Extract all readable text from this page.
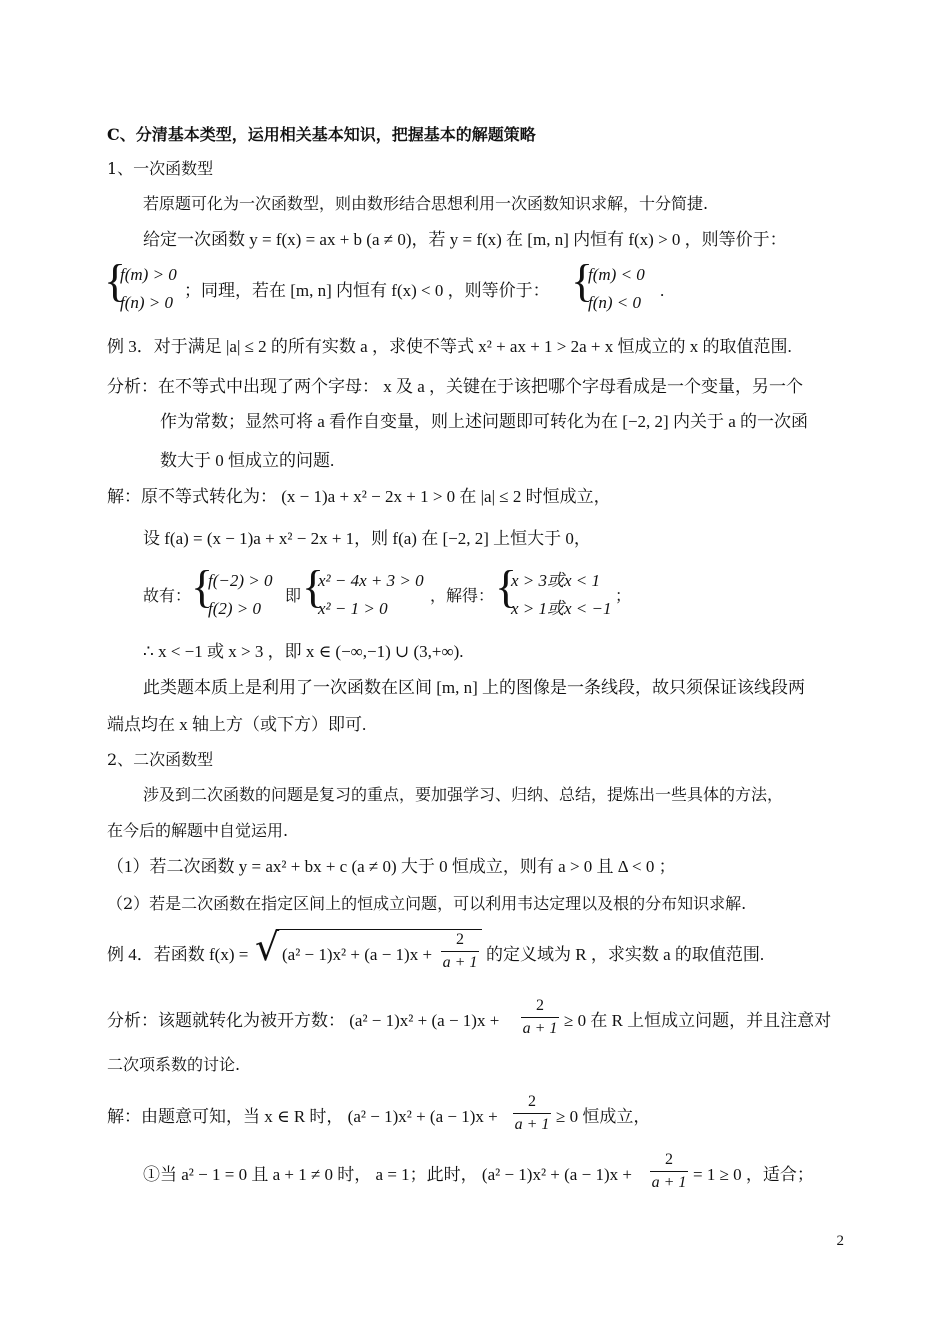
C、分清基本类型，运用相关基本知识，把握基本的解题策略
1、一次函数型
若原题可化为一次函数型，则由数形结合思想利用一次函数知识求解，十分简捷.
给定一次函数 y = f(x) = ax + b (a ≠ 0)，若 y = f(x) 在 [m, n] 内恒有 f(x) > 0 ，则等价于：
{
f(m) > 0
f(n) > 0
；同理，若在 [m, n] 内恒有 f(x) < 0 ，则等价于： {
f(m) < 0
f(n) < 0
.
例 3．对于满足 |a| ≤ 2 的所有实数 a ，求使不等式 x² + ax + 1 > 2a + x 恒成立的 x 的取值范围.
分析：在不等式中出现了两个字母： x 及 a ，关键在于该把哪个字母看成是一个变量，另一个
作为常数；显然可将 a 看作自变量，则上述问题即可转化为在 [−2, 2] 内关于 a 的一次函
数大于 0 恒成立的问题.
解：原不等式转化为： (x − 1)a + x² − 2x + 1 > 0 在 |a| ≤ 2 时恒成立，
设 f(a) = (x − 1)a + x² − 2x + 1，则 f(a) 在 [−2, 2] 上恒大于 0，
故有： {
f(−2) > 0
f(2) > 0
即 {
x² − 4x + 3 > 0
x² − 1 > 0
，解得： {
x > 3或x < 1
x > 1或x < −1
；
∴ x < −1 或 x > 3 ，即 x ∈ (−∞,−1) ∪ (3,+∞).
此类题本质上是利用了一次函数在区间 [m, n] 上的图像是一条线段，故只须保证该线段两
端点均在 x 轴上方（或下方）即可.
2、二次函数型
涉及到二次函数的问题是复习的重点，要加强学习、归纳、总结，提炼出一些具体的方法，
在今后的解题中自觉运用.
（1）若二次函数 y = ax² + bx + c (a ≠ 0) 大于 0 恒成立，则有 a > 0 且 Δ < 0 ；
（2）若是二次函数在指定区间上的恒成立问题，可以利用韦达定理以及根的分布知识求解.
例 4．若函数 f(x) = √ (a² − 1)x² + (a − 1)x +
2
a + 1 的定义域为 R ，求实数 a 的取值范围.
分析：该题就转化为被开方数： (a² − 1)x² + (a − 1)x +
2
a + 1 ≥ 0 在 R 上恒成立问题，并且注意对
二次项系数的讨论.
解：由题意可知，当 x ∈ R 时， (a² − 1)x² + (a − 1)x +
2
a + 1 ≥ 0 恒成立，
①当 a² − 1 = 0 且 a + 1 ≠ 0 时， a = 1；此时， (a² − 1)x² + (a − 1)x +
2
a + 1 = 1 ≥ 0 ，适合；
2
